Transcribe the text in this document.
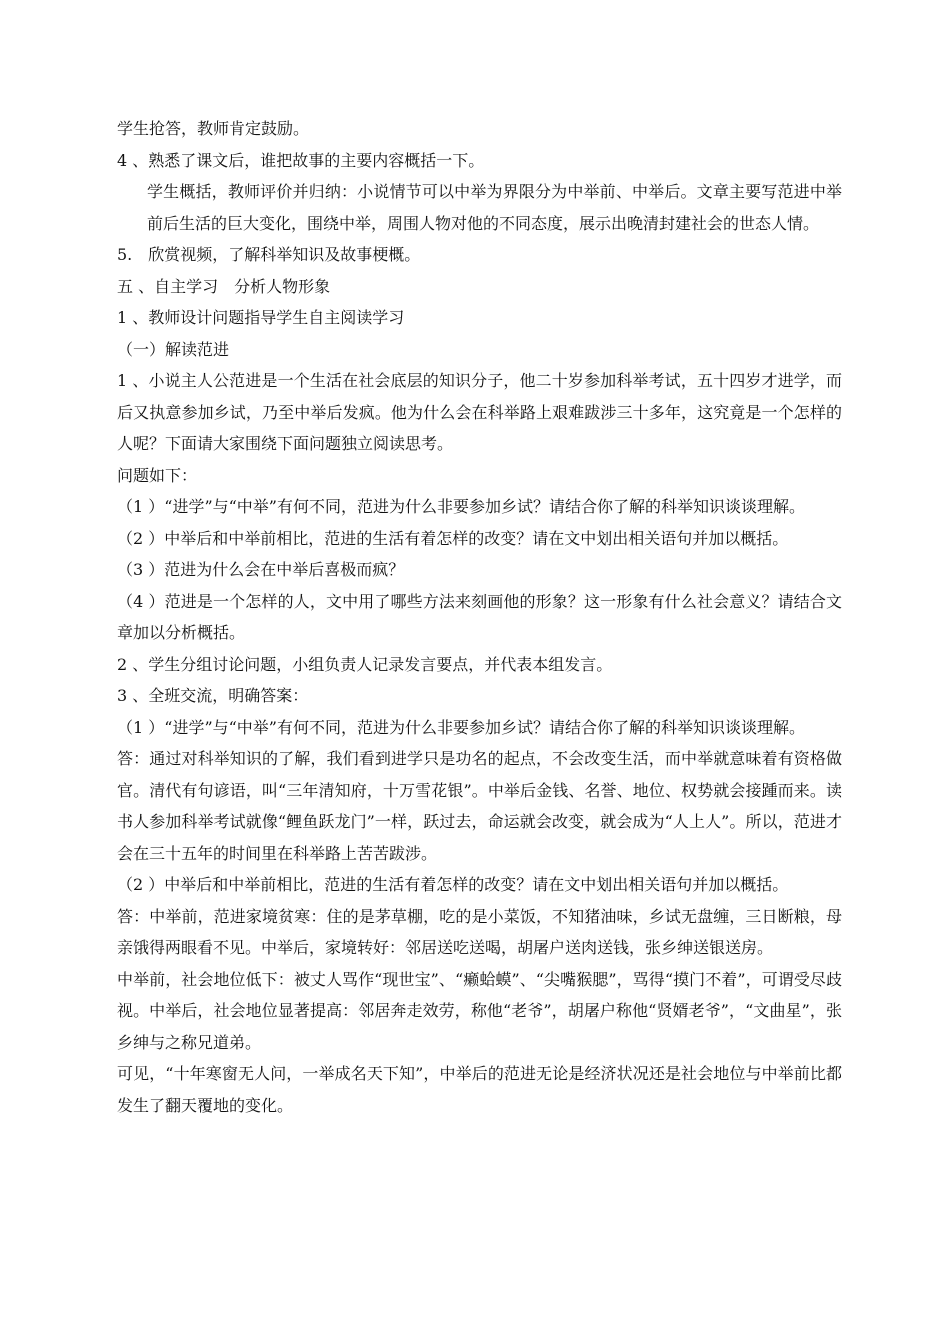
学生抢答，教师肯定鼓励。

4 、熟悉了课文后，谁把故事的主要内容概括一下。

学生概括，教师评价并归纳：小说情节可以中举为界限分为中举前、中举后。文章主要写范进中举前后生活的巨大变化，围绕中举，周围人物对他的不同态度，展示出晚清封建社会的世态人情。

5.　欣赏视频，了解科举知识及故事梗概。

五 、自主学习　分析人物形象

1 、教师设计问题指导学生自主阅读学习

（一）解读范进

1 、小说主人公范进是一个生活在社会底层的知识分子，他二十岁参加科举考试，五十四岁才进学，而后又执意参加乡试，乃至中举后发疯。他为什么会在科举路上艰难跋涉三十多年，这究竟是一个怎样的人呢？下面请大家围绕下面问题独立阅读思考。

问题如下：

（1 ）“进学”与“中举”有何不同，范进为什么非要参加乡试？请结合你了解的科举知识谈谈理解。

（2 ）中举后和中举前相比，范进的生活有着怎样的改变？请在文中划出相关语句并加以概括。

（3 ）范进为什么会在中举后喜极而疯？

（4 ）范进是一个怎样的人，文中用了哪些方法来刻画他的形象？这一形象有什么社会意义？请结合文章加以分析概括。

2 、学生分组讨论问题，小组负责人记录发言要点，并代表本组发言。

3 、全班交流，明确答案：

（1 ）“进学”与“中举”有何不同，范进为什么非要参加乡试？请结合你了解的科举知识谈谈理解。

答：通过对科举知识的了解，我们看到进学只是功名的起点，不会改变生活，而中举就意味着有资格做官。清代有句谚语，叫“三年清知府，十万雪花银”。中举后金钱、名誉、地位、权势就会接踵而来。读书人参加科举考试就像“鲤鱼跃龙门”一样，跃过去，命运就会改变，就会成为“人上人”。所以，范进才会在三十五年的时间里在科举路上苦苦跋涉。

（2 ）中举后和中举前相比，范进的生活有着怎样的改变？请在文中划出相关语句并加以概括。

答：中举前，范进家境贫寒：住的是茅草棚，吃的是小菜饭，不知猪油味，乡试无盘缠，三日断粮，母亲饿得两眼看不见。中举后，家境转好：邻居送吃送喝，胡屠户送肉送钱，张乡绅送银送房。

中举前，社会地位低下：被丈人骂作“现世宝”、“癞蛤蟆”、“尖嘴猴腮”，骂得“摸门不着”，可谓受尽歧视。中举后，社会地位显著提高：邻居奔走效劳，称他“老爷”，胡屠户称他“贤婿老爷”，“文曲星”，张乡绅与之称兄道弟。

可见，“十年寒窗无人问，一举成名天下知”，中举后的范进无论是经济状况还是社会地位与中举前比都发生了翻天覆地的变化。
